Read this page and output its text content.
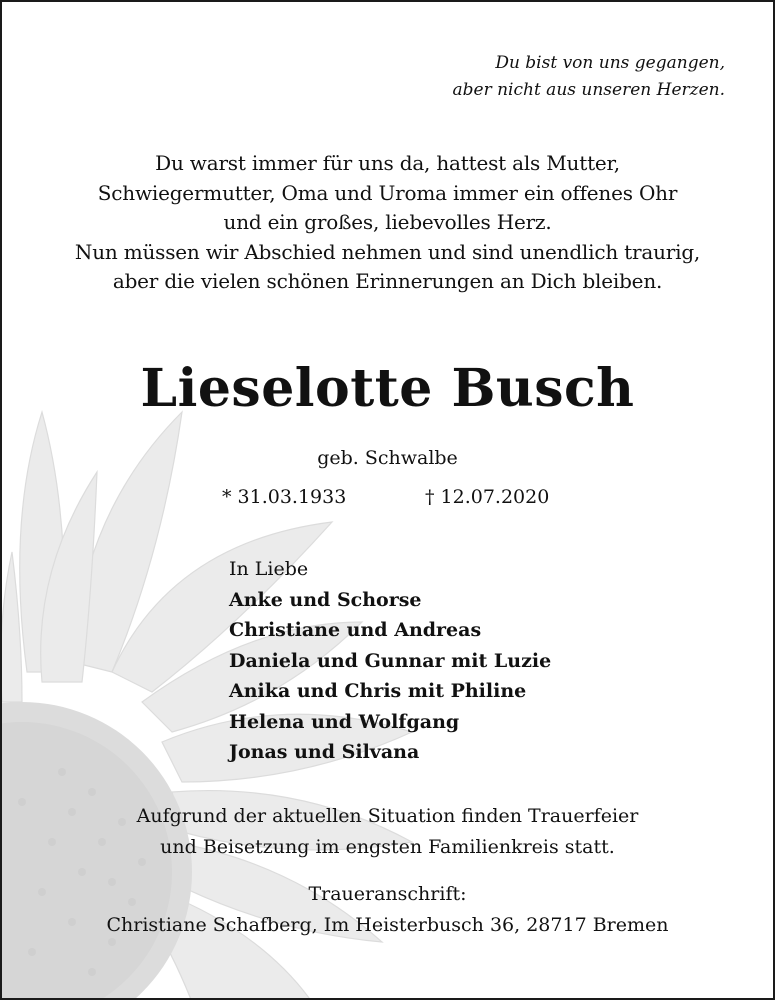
Du bist von uns gegangen,
aber nicht aus unseren Herzen.
Du warst immer für uns da, hattest als Mutter,
Schwiegermutter, Oma und Uroma immer ein offenes Ohr
und ein großes, liebevolles Herz.
Nun müssen wir Abschied nehmen und sind unendlich traurig,
aber die vielen schönen Erinnerungen an Dich bleiben.
Lieselotte Busch
geb. Schwalbe
* 31.03.1933	† 12.07.2020
In Liebe
Anke und Schorse
Christiane und Andreas
Daniela und Gunnar mit Luzie
Anika und Chris mit Philine
Helena und Wolfgang
Jonas und Silvana
Aufgrund der aktuellen Situation finden Trauerfeier
und Beisetzung im engsten Familienkreis statt.
Traueranschrift:
Christiane Schafberg, Im Heisterbusch 36, 28717 Bremen
